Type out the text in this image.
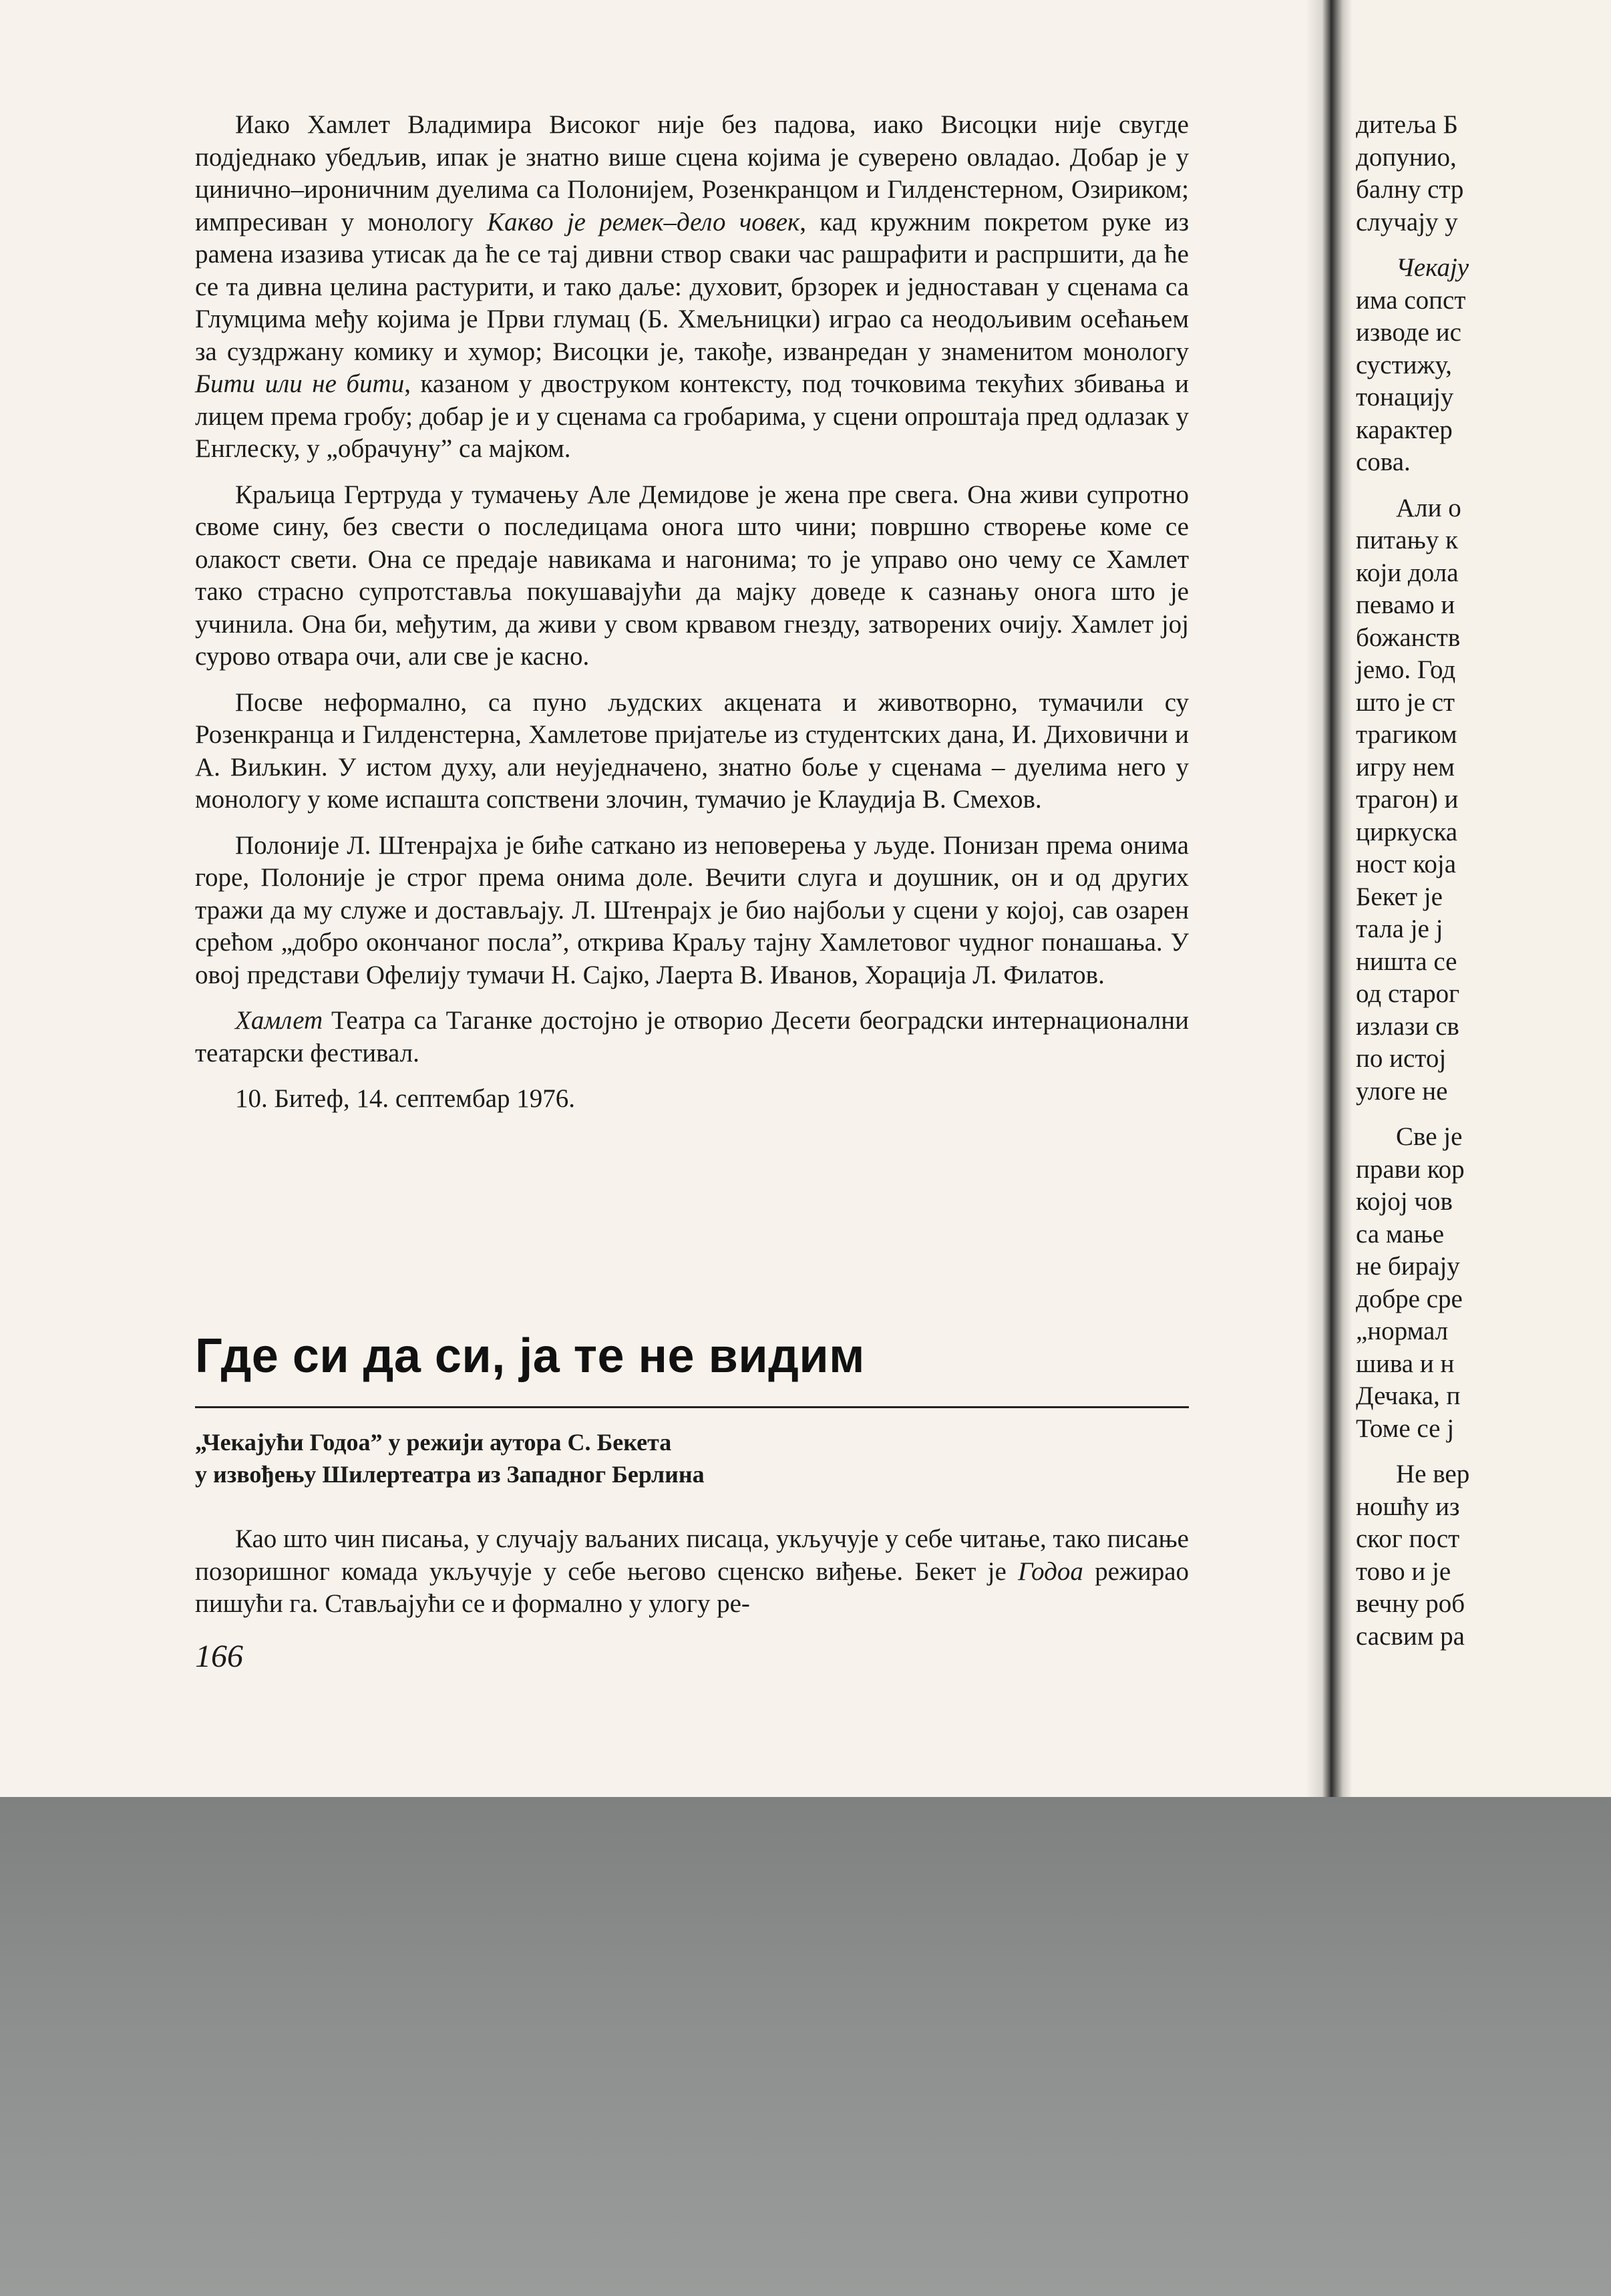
Иако Хамлет Владимира Високог није без падова, иако Висоцки није свугде подједнако убедљив, ипак је знатно више сцена којима је суверено овладао. Добар је у цинично–ироничним дуелима са Полонијем, Розенкранцом и Гилденстерном, Озириком; импресиван у монологу Какво је ремек–дело човек, кад кружним покретом руке из рамена изазива утисак да ће се тај дивни створ сваки час рашрафити и распршити, да ће се та дивна целина растурити, и тако даље: духовит, брзорек и једноставан у сценама са Глумцима међу којима је Први глумац (Б. Хмељницки) играо са неодољивим осећањем за суздржану комику и хумор; Висоцки је, такође, изванредан у знаменитом монологу Бити или не бити, казаном у двоструком контексту, под точковима текућих збивања и лицем према гробу; добар је и у сценама са гробарима, у сцени опроштаја пред одлазак у Енглеску, у „обрачуну” са мајком.

Краљица Гертруда у тумачењу Але Демидове је жена пре свега. Она живи супротно своме сину, без свести о последицама онога што чини; површно створење коме се олакост свети. Она се предаје навикама и нагонима; то је управо оно чему се Хамлет тако страсно супротставља покушавајући да мајку доведе к сазнању онога што је учинила. Она би, међутим, да живи у свом крвавом гнезду, затворених очију. Хамлет јој сурово отвара очи, али све је касно.

Посве неформално, са пуно људских акцената и животворно, тумачили су Розенкранца и Гилденстерна, Хамлетове пријатеље из студентских дана, И. Диховични и А. Виљкин. У истом духу, али неуједначено, знатно боље у сценама – дуелима него у монологу у коме испашта сопствени злочин, тумачио је Клаудија В. Смехов.

Полоније Л. Штенрајха је биће саткано из неповерења у људе. Понизан према онима горе, Полоније је строг према онима доле. Вечити слуга и доушник, он и од других тражи да му служе и достављају. Л. Штенрајх је био најбољи у сцени у којој, сав озарен срећом „добро окончаног посла”, открива Краљу тајну Хамлетовог чудног понашања. У овој представи Офелију тумачи Н. Сајко, Лаерта В. Иванов, Хорација Л. Филатов.

Хамлет Театра са Таганке достојно је отворио Десети београдски интернационални театарски фестивал.

10. Битеф, 14. септембар 1976.

Где си да си, ја те не видим
„Чекајући Годоа” у режији аутора С. Бекета
у извођењу Шилертеатра из Западног Берлина

Као што чин писања, у случају ваљаних писаца, укључује у себе читање, тако писање позоришног комада укључује у себе његово сценско виђење. Бекет је Годоа режирао пишући га. Стављајући се и формално у улогу ре-

166
дитеља Б
допунио,
балну стр
случају у
Чекају
има сопст
изводе ис
сустижу,
тонацију
карактер
сова.
Али о
питању к
који дола
певамо и
божанств
јемо. Год
што је ст
трагиком
игру нем
трагон) и
циркуска
ност која
Бекет је
тала је ј
ништа се
од старог
излази св
по истој
улоге не
Све је
прави кор
којој чов
са мање
не бирају
добре сре
„нормал
шива и н
Дечака, п
Томе се ј
Не вер
ношћу из
ског пост
тово и је
вечну роб
сасвим ра
